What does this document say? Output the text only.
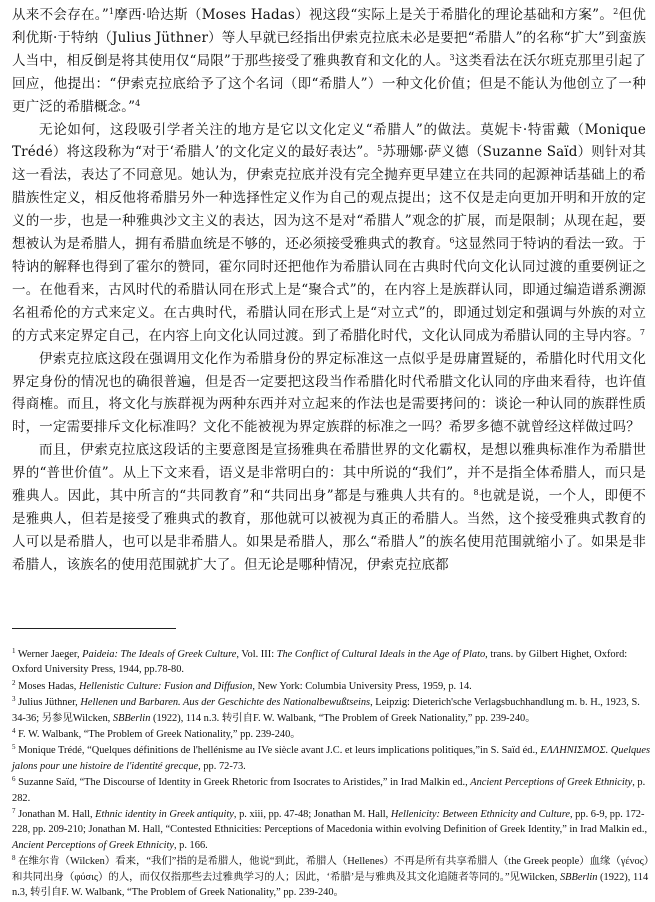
从来不会存在。”$^1$摩西·哈达斯（Moses Hadas）视这段“实际上是关于希腊化的理论基础和方案”。$^2$但优利优斯·于特纳（Julius Jüthner）等人早就已经指出伊索克拉底未必是要把“希腊人”的名称“扩大”到蛮族人当中，相反倒是将其使用仅“局限”于那些接受了雅典教育和文化的人。$^3$这类看法在沃尔班克那里引起了回应，他提出：“伊索克拉底给予了这个名词（即“希腊人”）一种文化价值；但是不能认为他创立了一种更广泛的希腊概念。”$^4$

无论如何，这段吸引学者关注的地方是它以文化定义“希腊人”的做法。莫妮卡·特雷戴（Monique Trédé）将这段称为“对于‘希腊人’的文化定义的最好表达”。$^5$苏珊娜·萨义德（Suzanne Saïd）则针对其这一看法，表达了不同意见。她认为，伊索克拉底并没有完全抛弃更早建立在共同的起源神话基础上的希腊族性定义，相反他将希腊另外一种选择性定义作为自己的观点提出；这不仅是走向更加开明和开放的定义的一步，也是一种雅典沙文主义的表达，因为这不是对“希腊人”观念的扩展，而是限制；从现在起，要想被认为是希腊人，拥有希腊血统是不够的，还必须接受雅典式的教育。$^6$这显然同于特讷的看法一致。于特讷的解释也得到了霍尔的赞同，霍尔同时还把他作为希腊认同在古典时代向文化认同过渡的重要例证之一。在他看来，古风时代的希腊认同在形式上是“聚合式”的，在内容上是族群认同，即通过编造谱系溯源名祖希伦的方式来定义。在古典时代，希腊认同在形式上是“对立式”的，即通过划定和强调与外族的对立的方式来定界定自己，在内容上向文化认同过渡。到了希腊化时代，文化认同成为希腊认同的主导内容。$^7$

伊索克拉底这段在强调用文化作为希腊身份的界定标准这一点似乎是毋庸置疑的，希腊化时代用文化界定身份的情况也的确很普遍，但是否一定要把这段当作希腊化时代希腊文化认同的序曲来看待，也许值得商榷。而且，将文化与族群视为两种东西并对立起来的作法也是需要拷问的：谈论一种认同的族群性质时，一定需要排斥文化标准吗？文化不能被视为界定族群的标准之一吗？希罗多德不就曾经这样做过吗？

而且，伊索克拉底这段话的主要意图是宣扬雅典在希腊世界的文化霸权，是想以雅典标准作为希腊世界的“普世价值”。从上下文来看，语义是非常明白的：其中所说的“我们”，并不是指全体希腊人，而只是雅典人。因此，其中所言的“共同教育”和“共同出身”都是与雅典人共有的。$^8$也就是说，一个人，即便不是雅典人，但若是接受了雅典式的教育，那他就可以被视为真正的希腊人。当然，这个接受雅典式教育的人可以是希腊人，也可以是非希腊人。如果是希腊人，那么“希腊人”的族名使用范围就缩小了。如果是非希腊人，该族名的使用范围就扩大了。但无论是哪种情况，伊索克拉底都

$^1$ Werner Jaeger, Paideia: The Ideals of Greek Culture, Vol. III: The Conflict of Cultural Ideals in the Age of Plato, trans. by Gilbert Highet, Oxford: Oxford University Press, 1944, pp.78-80.

$^2$ Moses Hadas, Hellenistic Culture: Fusion and Diffusion, New York: Columbia University Press, 1959, p. 14.

$^3$ Julius Jüthner, Hellenen und Barbaren. Aus der Geschichte des Nationalbewußtseins, Leipzig: Dieterich'sche Verlagsbuchhandlung m. b. H., 1923, S. 34-36; 另参见Wilcken, SBBerlin (1922), 114 n.3. 转引自F. W. Walbank, “The Problem of Greek Nationality,” pp. 239-240。

$^4$ F. W. Walbank, “The Problem of Greek Nationality,” pp. 239-240。

$^5$ Monique Trédé, “Quelques définitions de l'hellénisme au IVe siècle avant J.C. et leurs implications politiques,”in S. Saïd éd., ΕΛΛΗΝΙΣΜΟΣ. Quelques jalons pour une histoire de l'identité grecque, pp. 72-73.

$^6$ Suzanne Saïd, “The Discourse of Identity in Greek Rhetoric from Isocrates to Aristides,” in Irad Malkin ed., Ancient Perceptions of Greek Ethnicity, p. 282.

$^7$ Jonathan M. Hall, Ethnic identity in Greek antiquity, p. xiii, pp. 47-48; Jonathan M. Hall, Hellenicity: Between Ethnicity and Culture, pp. 6-9, pp. 172-228, pp. 209-210; Jonathan M. Hall, “Contested Ethnicities: Perceptions of Macedonia within evolving Definition of Greek Identity,” in Irad Malkin ed., Ancient Perceptions of Greek Ethnicity, p. 166.

$^8$ 在维尔肯（Wilcken）看来，“我们”指的是希腊人，他说“到此，希腊人（Hellenes）不再是所有共享希腊人（the Greek people）血缘（γένος）和共同出身（φύσις）的人，而仅仅指那些去过雅典学习的人；因此，‘希腊’是与雅典及其文化追随者等同的。”见Wilcken, SBBerlin (1922), 114 n.3, 转引自F. W. Walbank, “The Problem of Greek Nationality,” pp. 239-240。
